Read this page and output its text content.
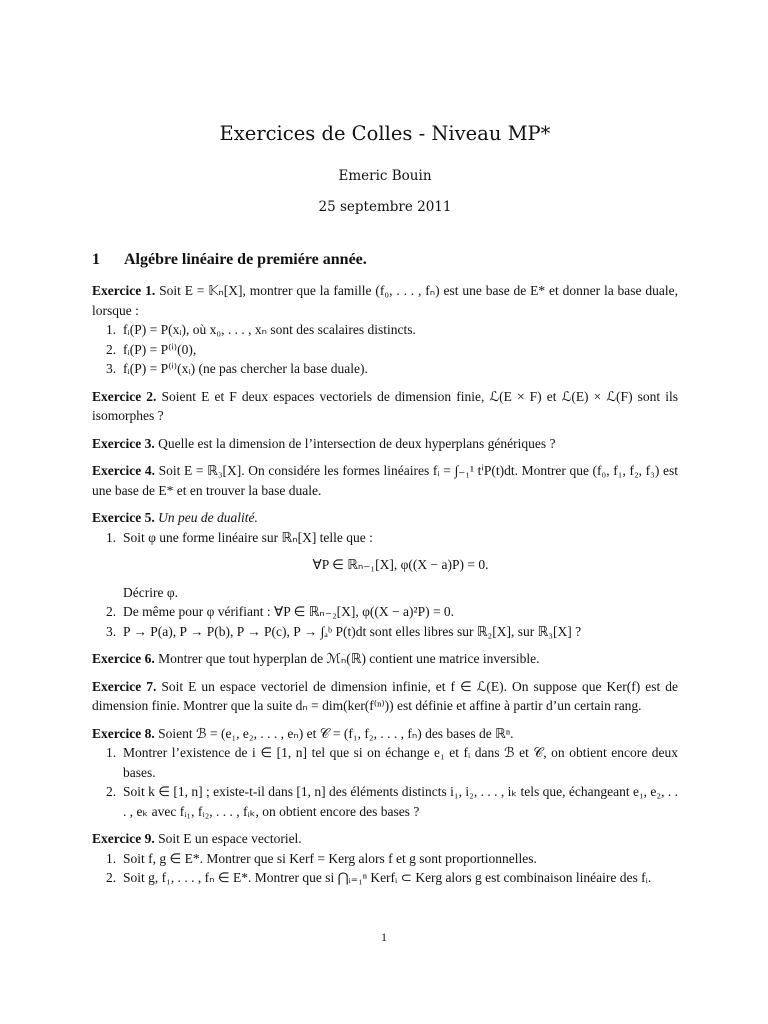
Exercices de Colles - Niveau MP*
Emeric Bouin
25 septembre 2011
1 Algébre linéaire de premiére année.
Exercice 1. Soit E = 𝕂ₙ[X], montrer que la famille (f₀, . . . , fₙ) est une base de E* et donner la base duale, lorsque :
1. fᵢ(P) = P(xᵢ), où x₀, . . . , xₙ sont des scalaires distincts.
2. fᵢ(P) = P⁽ⁱ⁾(0),
3. fᵢ(P) = P⁽ⁱ⁾(xᵢ) (ne pas chercher la base duale).
Exercice 2. Soient E et F deux espaces vectoriels de dimension finie, ℒ(E × F) et ℒ(E) × ℒ(F) sont ils isomorphes ?
Exercice 3. Quelle est la dimension de l’intersection de deux hyperplans génériques ?
Exercice 4. Soit E = ℝ₃[X]. On considére les formes linéaires fᵢ = ∫₋₁¹ tⁱP(t)dt. Montrer que (f₀, f₁, f₂, f₃) est une base de E* et en trouver la base duale.
Exercice 5. Un peu de dualité.
1. Soit φ une forme linéaire sur ℝₙ[X] telle que :
∀P ∈ ℝₙ₋₁[X], φ((X − a)P) = 0.
Décrire φ.
2. De même pour φ vérifiant : ∀P ∈ ℝₙ₋₂[X], φ((X − a)²P) = 0.
3. P → P(a), P → P(b), P → P(c), P → ∫ₐᵇ P(t)dt sont elles libres sur ℝ₂[X], sur ℝ₃[X] ?
Exercice 6. Montrer que tout hyperplan de ℳₙ(ℝ) contient une matrice inversible.
Exercice 7. Soit E un espace vectoriel de dimension infinie, et f ∈ ℒ(E). On suppose que Ker(f) est de dimension finie. Montrer que la suite dₙ = dim(ker(f⁽ⁿ⁾)) est définie et affine à partir d’un certain rang.
Exercice 8. Soient ℬ = (e₁, e₂, . . . , eₙ) et 𝒞 = (f₁, f₂, . . . , fₙ) des bases de ℝⁿ.
1. Montrer l’existence de i ∈ [1, n] tel que si on échange e₁ et fᵢ dans ℬ et 𝒞, on obtient encore deux bases.
2. Soit k ∈ [1, n] ; existe-t-il dans [1, n] des éléments distincts i₁, i₂, . . . , iₖ tels que, échangeant e₁, e₂, . . . , eₖ avec fᵢ₁, fᵢ₂, . . . , fᵢₖ, on obtient encore des bases ?
Exercice 9. Soit E un espace vectoriel.
1. Soit f, g ∈ E*. Montrer que si Kerf = Kerg alors f et g sont proportionnelles.
2. Soit g, f₁, . . . , fₙ ∈ E*. Montrer que si ⋂ᵢ₌₁ⁿ Kerfᵢ ⊂ Kerg alors g est combinaison linéaire des fᵢ.
1
